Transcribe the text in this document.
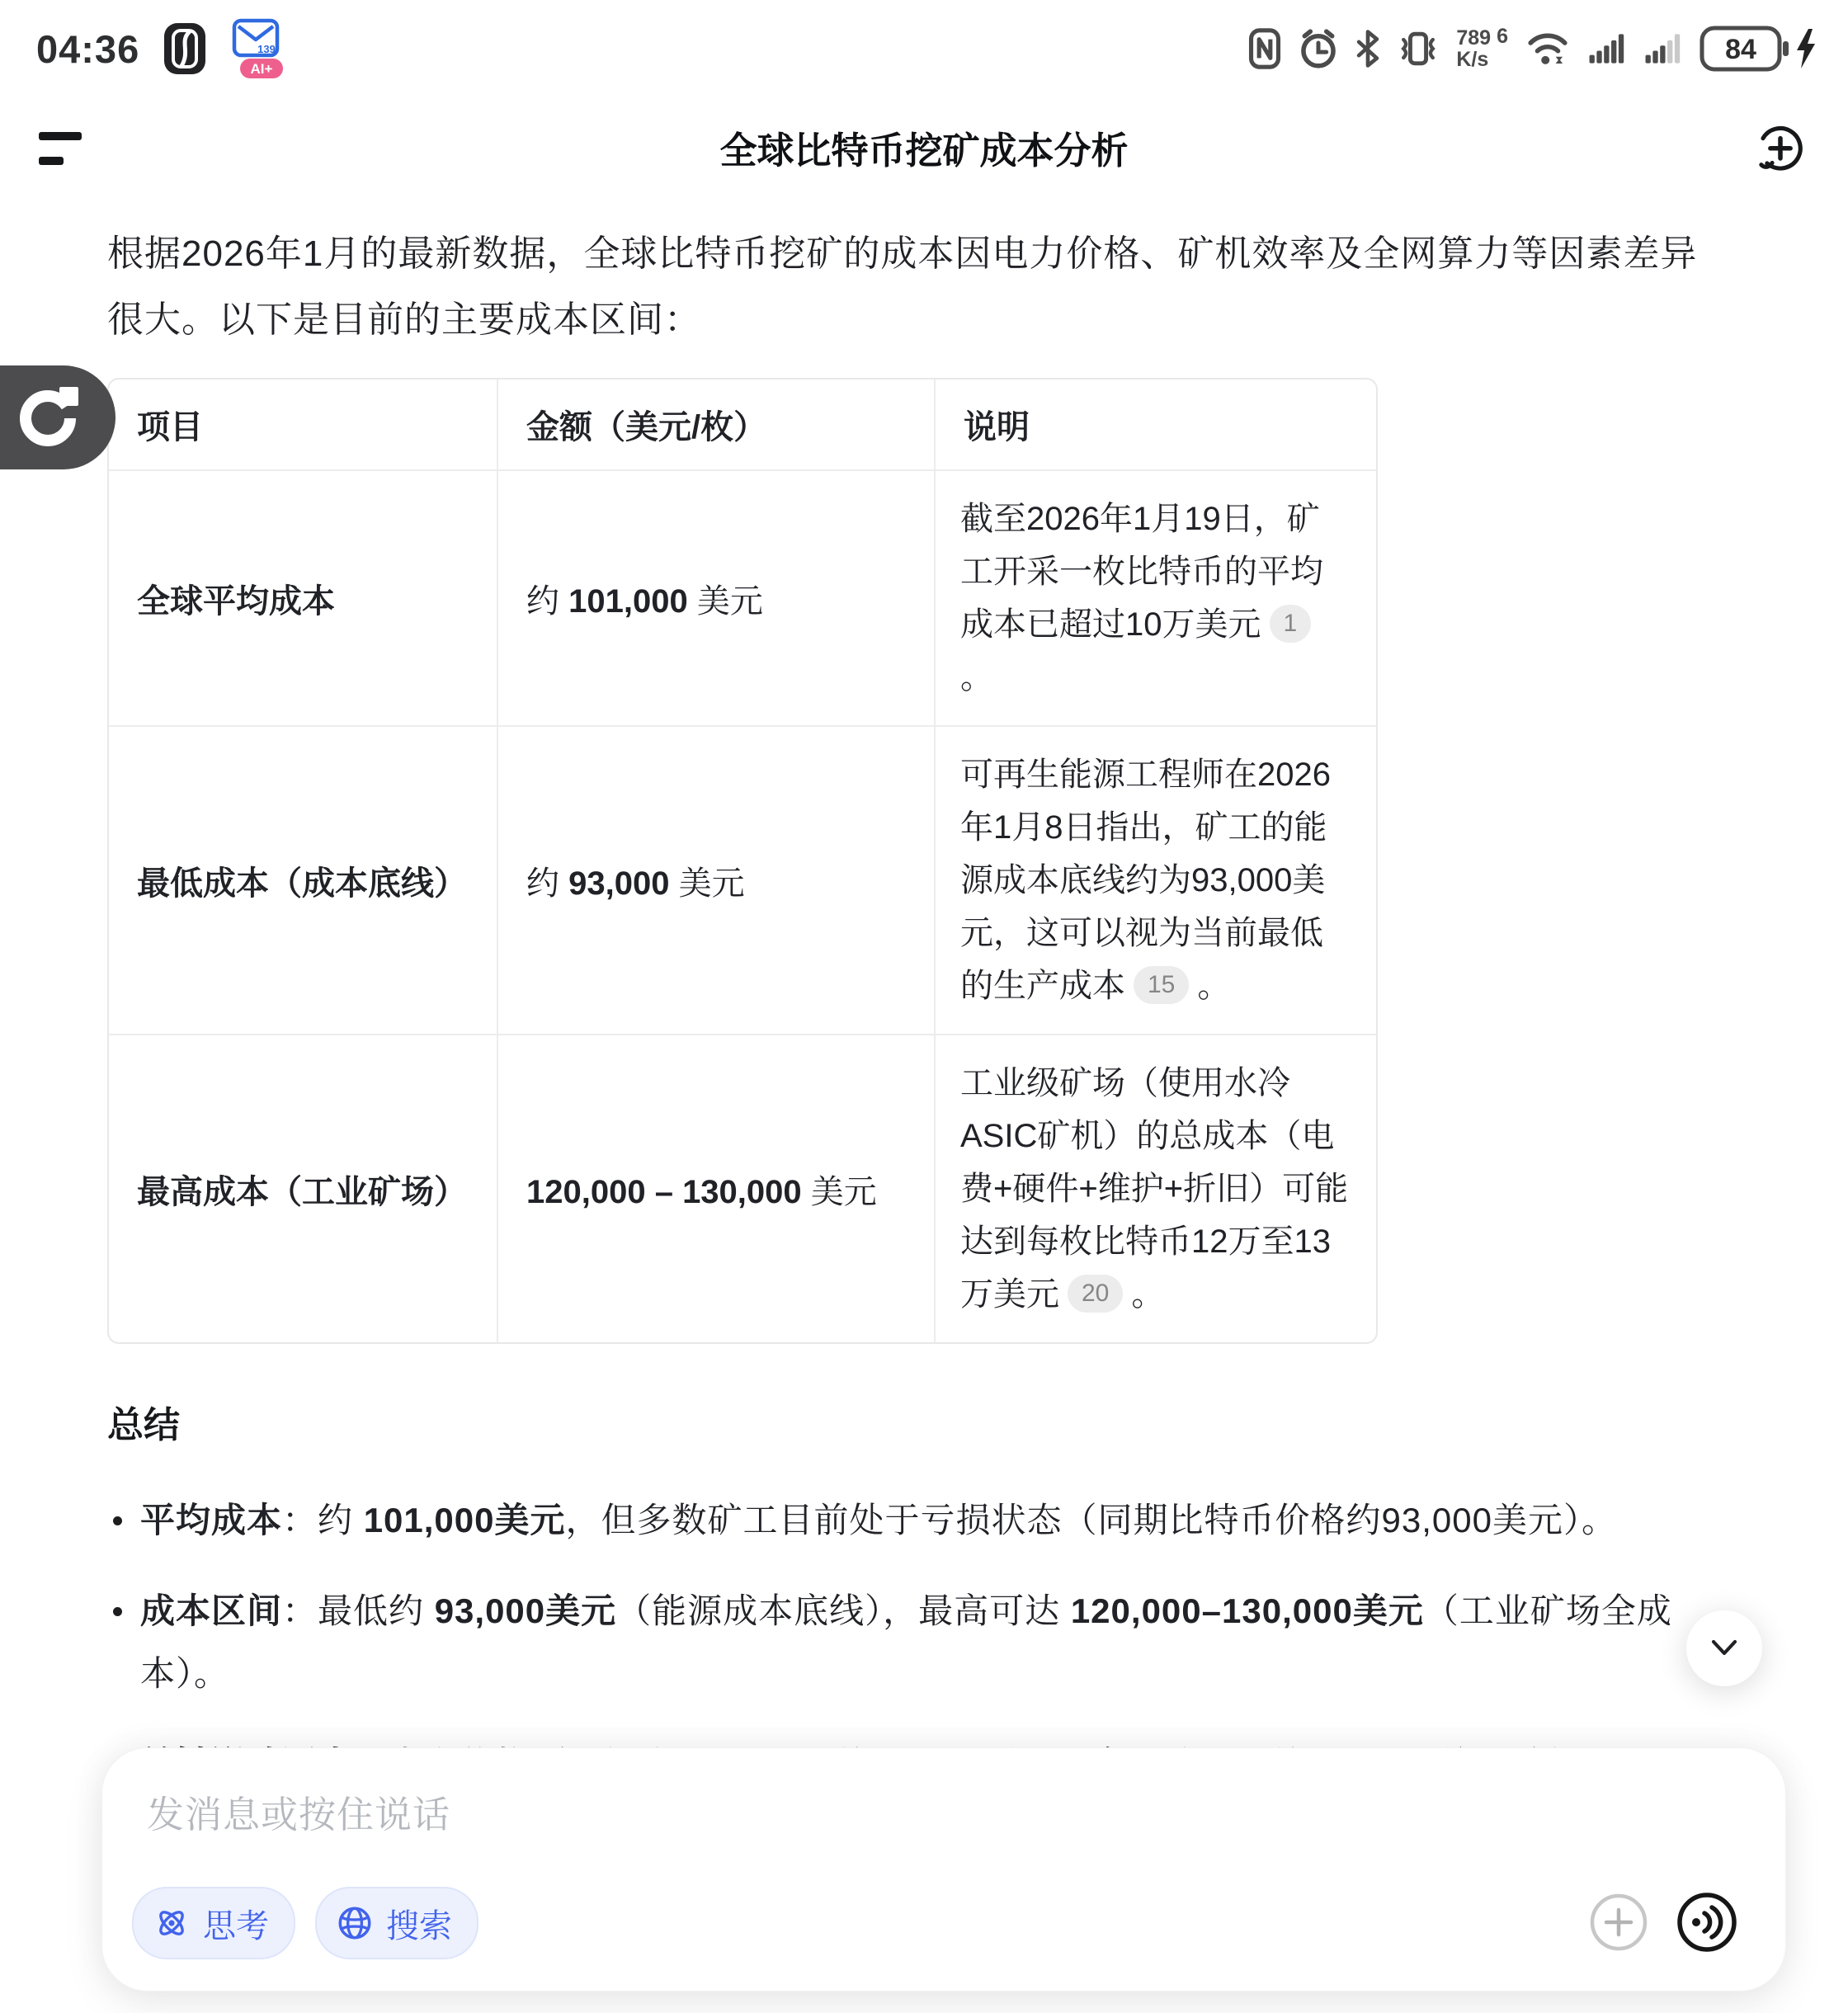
04:36	139
AI+
789
K/s
6	84
全球比特币挖矿成本分析

根据2026年1月的最新数据，全球比特币挖矿的成本因电力价格、矿机效率及全网算力等因素差异很大。以下是目前的主要成本区间：

项目	金额（美元/枚）	说明
全球平均成本	约 101,000 美元	截至2026年1月19日，矿工开采一枚比特币的平均成本已超过10万美元 1。
最低成本（成本底线）	约 93,000 美元	可再生能源工程师在2026年1月8日指出，矿工的能源成本底线约为93,000美元，这可以视为当前最低的生产成本 15 。
最高成本（工业矿场）	120,000 – 130,000 美元	工业级矿场（使用水冷ASIC矿机）的总成本（电费+硬件+维护+折旧）可能达到每枚比特币12万至13万美元 20 。
总结
平均成本：约 101,000美元，但多数矿工目前处于亏损状态（同期比特币价格约93,000美元）。
成本区间：最低约 93,000美元（能源成本底线），最高可达 120,000–130,000美元（工业矿场全成本）。
发消息或按住说话
思考	搜索
